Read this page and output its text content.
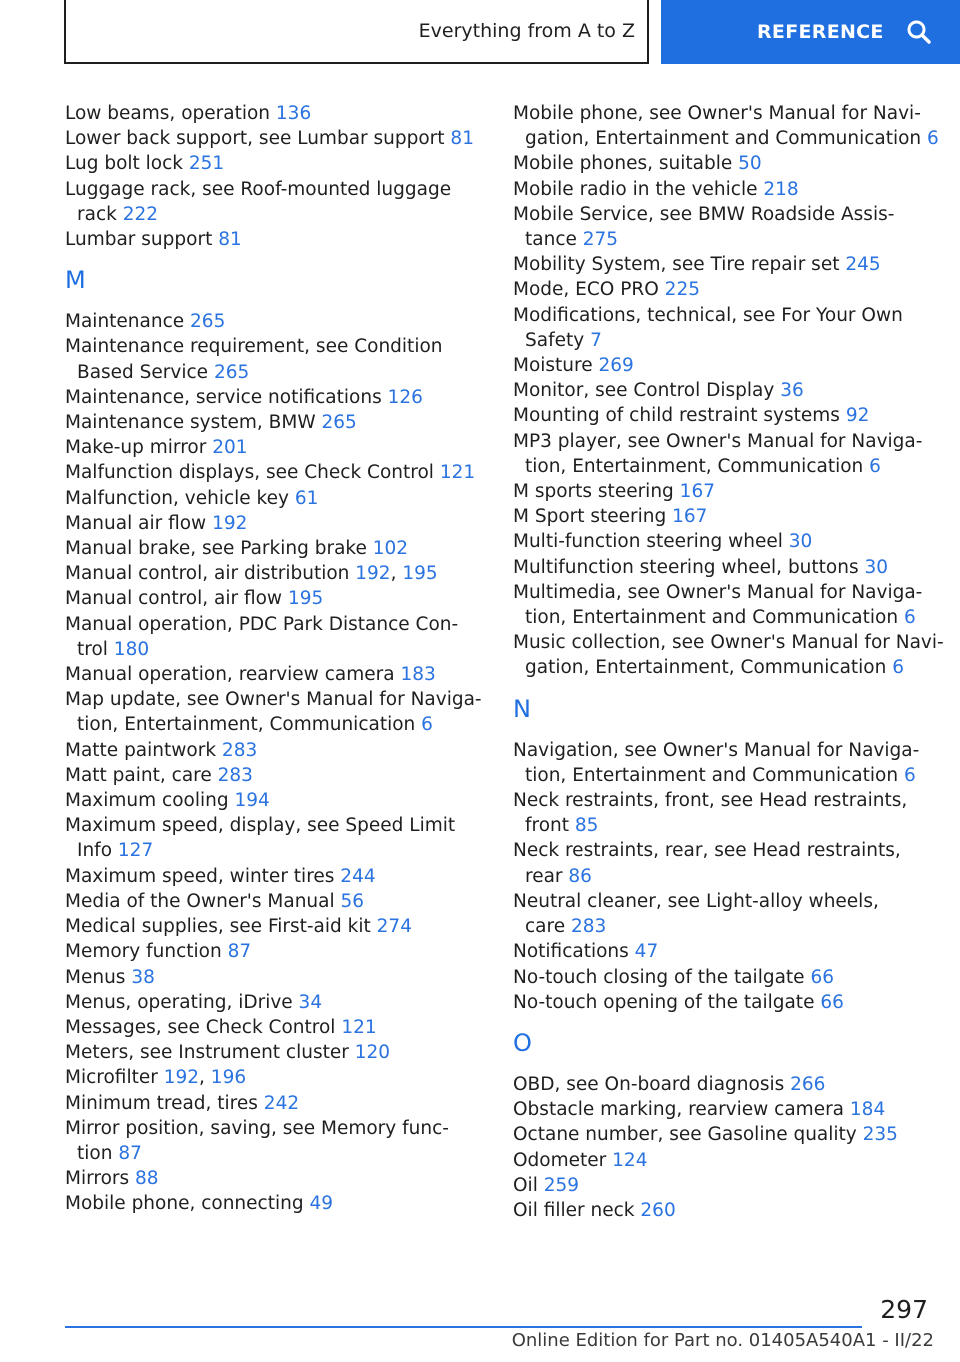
Everything from A to Z	REFERENCE
Low beams, operation 136
Lower back support, see Lumbar support 81
Lug bolt lock 251
Luggage rack, see Roof-mounted luggage
rack 222
Lumbar support 81
M
Maintenance 265
Maintenance requirement, see Condition
Based Service 265
Maintenance, service notifications 126
Maintenance system, BMW 265
Make-up mirror 201
Malfunction displays, see Check Control 121
Malfunction, vehicle key 61
Manual air flow 192
Manual brake, see Parking brake 102
Manual control, air distribution 192, 195
Manual control, air flow 195
Manual operation, PDC Park Distance Con-
trol 180
Manual operation, rearview camera 183
Map update, see Owner's Manual for Naviga-
tion, Entertainment, Communication 6
Matte paintwork 283
Matt paint, care 283
Maximum cooling 194
Maximum speed, display, see Speed Limit
Info 127
Maximum speed, winter tires 244
Media of the Owner's Manual 56
Medical supplies, see First-aid kit 274
Memory function 87
Menus 38
Menus, operating, iDrive 34
Messages, see Check Control 121
Meters, see Instrument cluster 120
Microfilter 192, 196
Minimum tread, tires 242
Mirror position, saving, see Memory func-
tion 87
Mirrors 88
Mobile phone, connecting 49
Mobile phone, see Owner's Manual for Navi-
gation, Entertainment and Communication 6
Mobile phones, suitable 50
Mobile radio in the vehicle 218
Mobile Service, see BMW Roadside Assis-
tance 275
Mobility System, see Tire repair set 245
Mode, ECO PRO 225
Modifications, technical, see For Your Own
Safety 7
Moisture 269
Monitor, see Control Display 36
Mounting of child restraint systems 92
MP3 player, see Owner's Manual for Naviga-
tion, Entertainment, Communication 6
M sports steering 167
M Sport steering 167
Multi-function steering wheel 30
Multifunction steering wheel, buttons 30
Multimedia, see Owner's Manual for Naviga-
tion, Entertainment and Communication 6
Music collection, see Owner's Manual for Navi-
gation, Entertainment, Communication 6
N
Navigation, see Owner's Manual for Naviga-
tion, Entertainment and Communication 6
Neck restraints, front, see Head restraints,
front 85
Neck restraints, rear, see Head restraints,
rear 86
Neutral cleaner, see Light-alloy wheels,
care 283
Notifications 47
No-touch closing of the tailgate 66
No-touch opening of the tailgate 66
O
OBD, see On-board diagnosis 266
Obstacle marking, rearview camera 184
Octane number, see Gasoline quality 235
Odometer 124
Oil 259
Oil filler neck 260
297
Online Edition for Part no. 01405A540A1 - II/22
